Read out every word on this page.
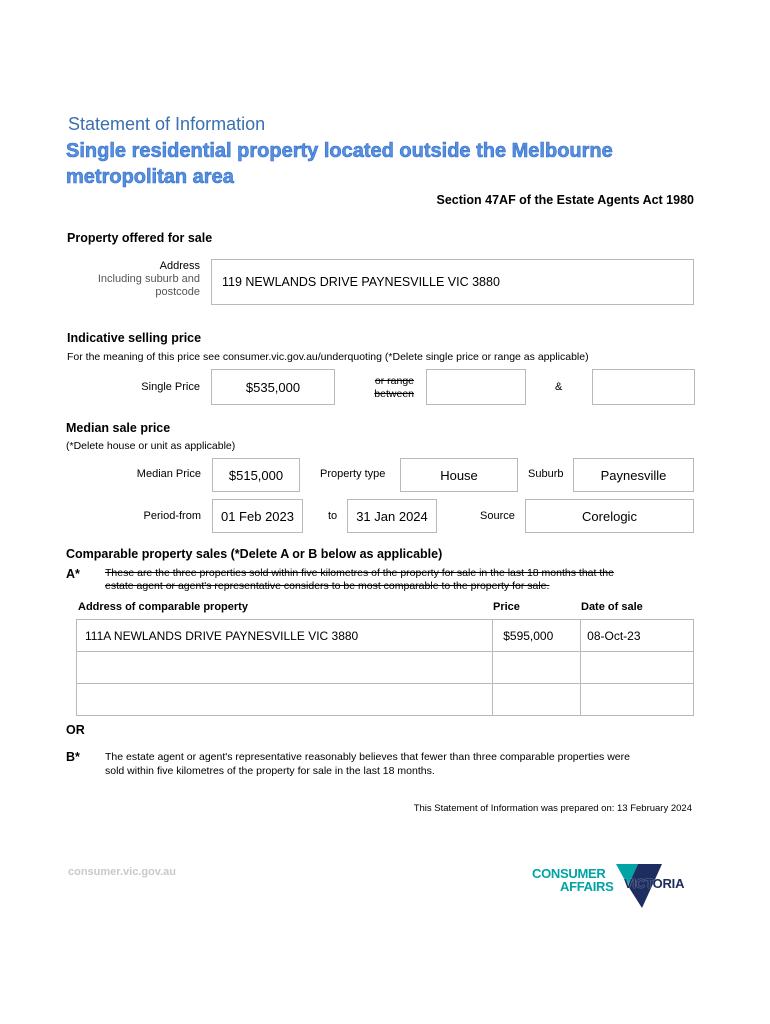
Statement of Information
Single residential property located outside the Melbourne
metropolitan area
Section 47AF of the Estate Agents Act 1980
Property offered for sale
Address
Including suburb and
postcode
119 NEWLANDS DRIVE PAYNESVILLE VIC 3880
Indicative selling price
For the meaning of this price see consumer.vic.gov.au/underquoting (*Delete single price or range as applicable)
Single Price	$535,000	or range
between
&
Median sale price
(*Delete house or unit as applicable)
Median Price $515,000	Property type	House	Suburb	Paynesville
Period-from 01 Feb 2023	to 31 Jan 2024	Source	Corelogic
Comparable property sales (*Delete A or B below as applicable)
A* These are the three properties sold within five kilometres of the property for sale in the last 18 months that the
estate agent or agent's representative considers to be most comparable to the property for sale.
Address of comparable property	Price	Date of sale
111A NEWLANDS DRIVE PAYNESVILLE VIC 3880	$595,000	08-Oct-23

OR
B* The estate agent or agent's representative reasonably believes that fewer than three comparable properties were
sold within five kilometres of the property for sale in the last 18 months.
This Statement of Information was prepared on: 13 February 2024
consumer.vic.gov.au	CONSUMER
AFFAIRS VICTORIA
